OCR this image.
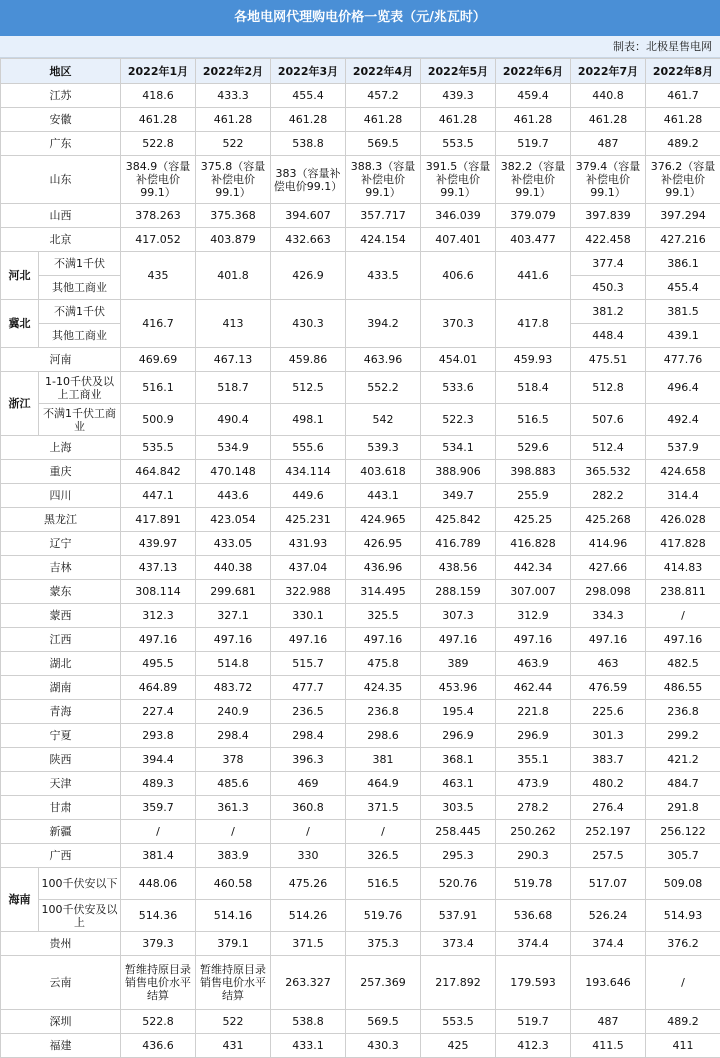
各地电网代理购电价格一览表（元/兆瓦时）
制表：北极星售电网
地区		2022年1月	2022年2月	2022年3月	2022年4月	2022年5月	2022年6月	2022年7月	2022年8月
江苏		418.6	433.3	455.4	457.2	439.3	459.4	440.8	461.7
安徽		461.28	461.28	461.28	461.28	461.28	461.28	461.28	461.28
广东		522.8	522	538.8	569.5	553.5	519.7	487	489.2
山东		384.9（容量补偿电价99.1）	375.8（容量补偿电价99.1）	383（容量补偿电价99.1）	388.3（容量补偿电价99.1）	391.5（容量补偿电价99.1）	382.2（容量补偿电价99.1）	379.4（容量补偿电价99.1）	376.2（容量补偿电价99.1）
山西		378.263	375.368	394.607	357.717	346.039	379.079	397.839	397.294
北京		417.052	403.879	432.663	424.154	407.401	403.477	422.458	427.216
河北	不满1千伏	435	401.8	426.9	433.5	406.6	441.6	377.4	386.1
	其他工商业							450.3	455.4
冀北	不满1千伏	416.7	413	430.3	394.2	370.3	417.8	381.2	381.5
	其他工商业							448.4	439.1
河南		469.69	467.13	459.86	463.96	454.01	459.93	475.51	477.76
浙江	1-10千伏及以上工商业	516.1	518.7	512.5	552.2	533.6	518.4	512.8	496.4
	不满1千伏工商业	500.9	490.4	498.1	542	522.3	516.5	507.6	492.4
上海		535.5	534.9	555.6	539.3	534.1	529.6	512.4	537.9
重庆		464.842	470.148	434.114	403.618	388.906	398.883	365.532	424.658
四川		447.1	443.6	449.6	443.1	349.7	255.9	282.2	314.4
黑龙江		417.891	423.054	425.231	424.965	425.842	425.25	425.268	426.028
辽宁		439.97	433.05	431.93	426.95	416.789	416.828	414.96	417.828
吉林		437.13	440.38	437.04	436.96	438.56	442.34	427.66	414.83
蒙东		308.114	299.681	322.988	314.495	288.159	307.007	298.098	238.811
蒙西		312.3	327.1	330.1	325.5	307.3	312.9	334.3	/
江西		497.16	497.16	497.16	497.16	497.16	497.16	497.16	497.16
湖北		495.5	514.8	515.7	475.8	389	463.9	463	482.5
湖南		464.89	483.72	477.7	424.35	453.96	462.44	476.59	486.55
青海		227.4	240.9	236.5	236.8	195.4	221.8	225.6	236.8
宁夏		293.8	298.4	298.4	298.6	296.9	296.9	301.3	299.2
陕西		394.4	378	396.3	381	368.1	355.1	383.7	421.2
天津		489.3	485.6	469	464.9	463.1	473.9	480.2	484.7
甘肃		359.7	361.3	360.8	371.5	303.5	278.2	276.4	291.8
新疆		/	/	/	/	258.445	250.262	252.197	256.122
广西		381.4	383.9	330	326.5	295.3	290.3	257.5	305.7
海南	100千伏安以下	448.06	460.58	475.26	516.5	520.76	519.78	517.07	509.08
	100千伏安及以上	514.36	514.16	514.26	519.76	537.91	536.68	526.24	514.93
贵州		379.3	379.1	371.5	375.3	373.4	374.4	374.4	376.2
云南		暂维持原目录销售电价水平结算	暂维持原目录销售电价水平结算	263.327	257.369	217.892	179.593	193.646	/
深圳		522.8	522	538.8	569.5	553.5	519.7	487	489.2
福建		436.6	431	433.1	430.3	425	412.3	411.5	411
